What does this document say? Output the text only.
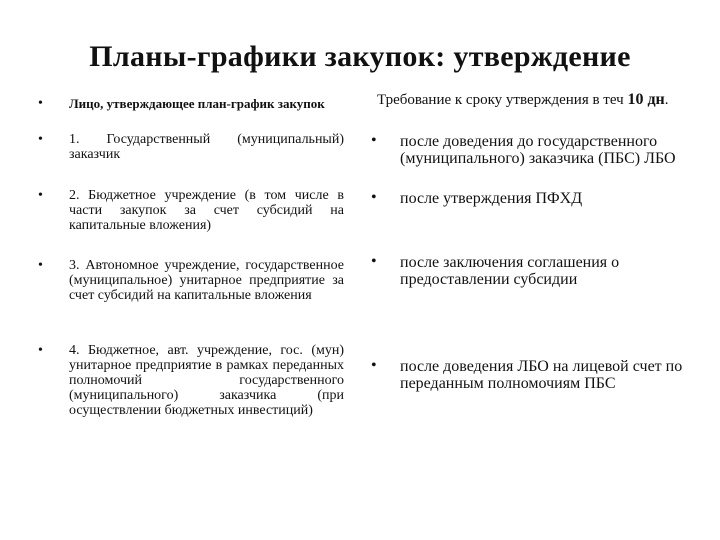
Планы-графики закупок: утверждение
• Лицо, утверждающее план-график закупок
• 1. Государственный (муниципальный) заказчик
• 2. Бюджетное учреждение (в том числе в части закупок за счет субсидий на капитальные вложения)
• 3. Автономное учреждение, государственное (муниципальное) унитарное предприятие за счет субсидий на капитальные вложения
• 4. Бюджетное, авт. учреждение, гос. (мун) унитарное предприятие в рамках переданных полномочий государственного (муниципального) заказчика (при осуществлении бюджетных инвестиций)
Требование к сроку утверждения в теч 10 дн.
• после доведения до государственного (муниципального) заказчика (ПБС) ЛБО
• после утверждения ПФХД
• после заключения соглашения о предоставлении субсидии
• после доведения ЛБО на лицевой счет по переданным полномочиям ПБС
